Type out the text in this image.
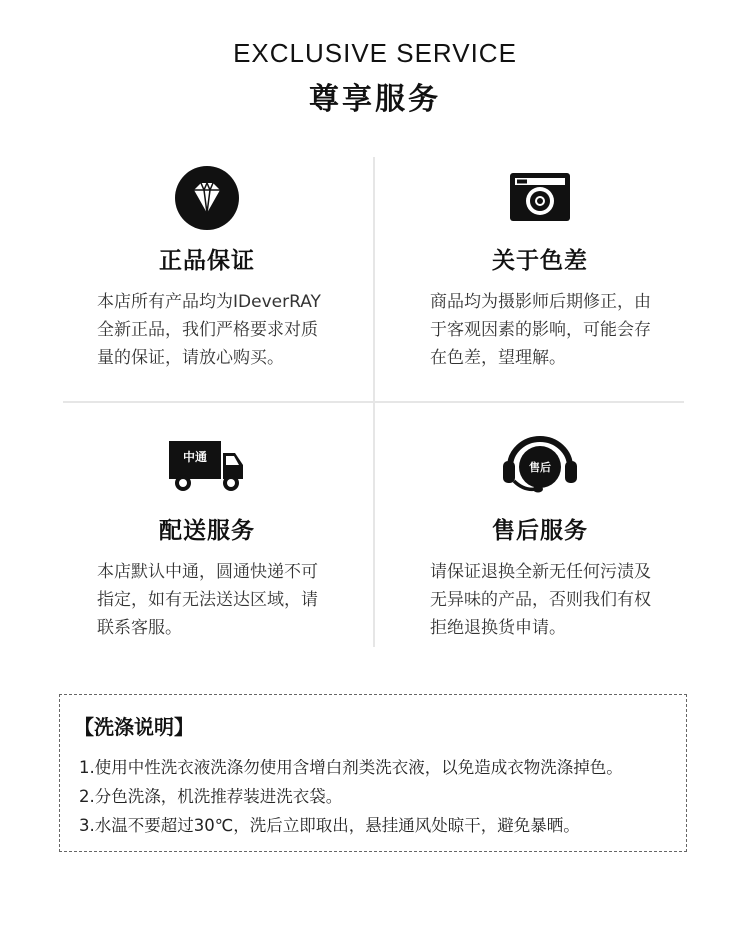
EXCLUSIVE SERVICE
尊享服务
正品保证
本店所有产品均为IDeverRAY
全新正品，我们严格要求对质
量的保证，请放心购买。
关于色差
商品均为摄影师后期修正，由
于客观因素的影响，可能会存
在色差，望理解。
中通
配送服务
本店默认中通，圆通快递不可
指定，如有无法送达区域，请
联系客服。
售后
售后服务
请保证退换全新无任何污渍及
无异味的产品，否则我们有权
拒绝退换货申请。
【洗涤说明】
1.使用中性洗衣液洗涤勿使用含增白剂类洗衣液，以免造成衣物洗涤掉色。
2.分色洗涤，机洗推荐装进洗衣袋。
3.水温不要超过30℃，洗后立即取出，悬挂通风处晾干，避免暴晒。
